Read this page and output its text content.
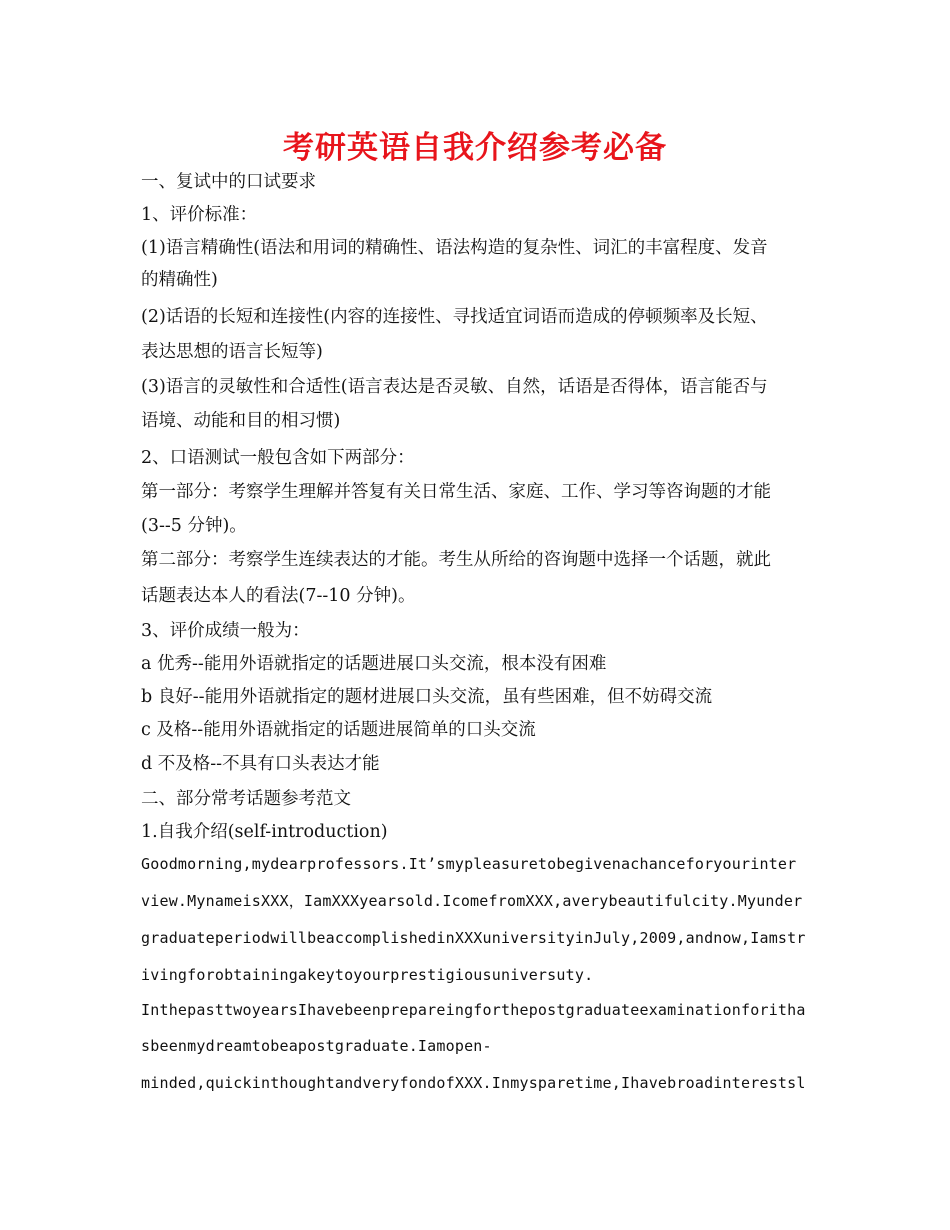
考研英语自我介绍参考必备
一、复试中的口试要求
1、评价标准：
(1)语言精确性(语法和用词的精确性、语法构造的复杂性、词汇的丰富程度、发音
的精确性)
(2)话语的长短和连接性(内容的连接性、寻找适宜词语而造成的停顿频率及长短、
表达思想的语言长短等)
(3)语言的灵敏性和合适性(语言表达是否灵敏、自然，话语是否得体，语言能否与
语境、动能和目的相习惯)
2、口语测试一般包含如下两部分：
第一部分：考察学生理解并答复有关日常生活、家庭、工作、学习等咨询题的才能
(3--5 分钟)。
第二部分：考察学生连续表达的才能。考生从所给的咨询题中选择一个话题，就此
话题表达本人的看法(7--10 分钟)。
3、评价成绩一般为：
a 优秀--能用外语就指定的话题进展口头交流，根本没有困难
b 良好--能用外语就指定的题材进展口头交流，虽有些困难，但不妨碍交流
c 及格--能用外语就指定的话题进展简单的口头交流
d 不及格--不具有口头表达才能
二、部分常考话题参考范文
1.自我介绍(self-introduction)
Goodmorning,mydearprofessors.It’smypleasuretobegivenachanceforyourinter
view.MynameisXXX，IamXXXyearsold.IcomefromXXX,averybeautifulcity.Myunder
graduateperiodwillbeaccomplishedinXXXuniversityinJuly,2009,andnow,Iamstr
ivingforobtainingakeytoyourprestigiousuniversuty.
InthepasttwoyearsIhavebeenprepareingforthepostgraduateexaminationforitha
sbeenmydreamtobeapostgraduate.Iamopen-
minded,quickinthoughtandveryfondofXXX.Inmysparetime,Ihavebroadinterestsl
